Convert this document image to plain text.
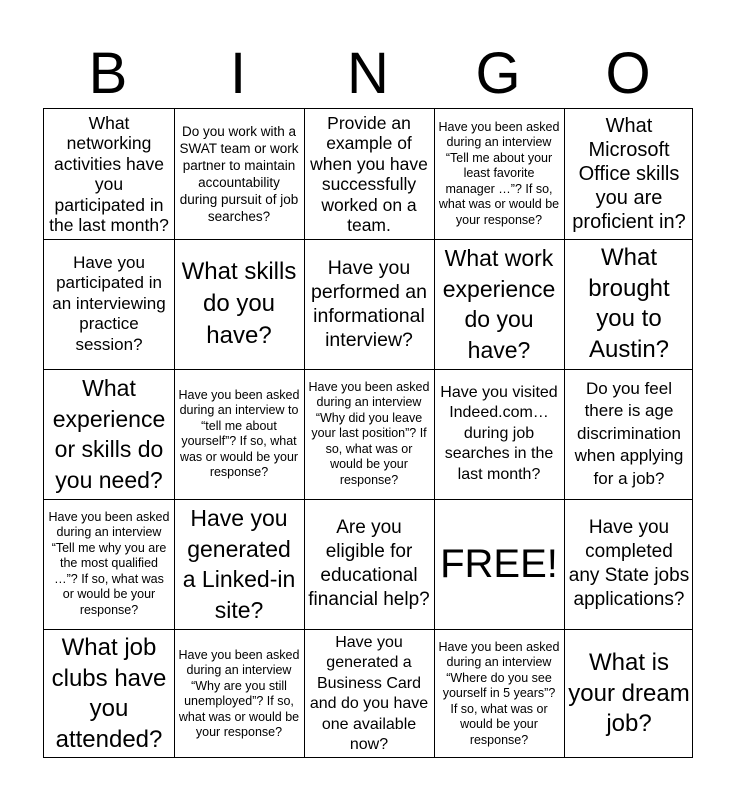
B	I	N	G	O
What networking activities have you participated in the last month?
Do you work with a SWAT team or work partner to maintain accountability during pursuit of job searches?
Provide an example of when you have successfully worked on a team.
Have you been asked during an interview “Tell me about your least favorite manager …”? If so, what was or would be your response?
What Microsoft Office skills you are proficient in?
Have you participated in an interviewing practice session?
What skills do you have?
Have you performed an informational interview?
What work experience do you have?
What brought you to Austin?
What experience or skills do you need?
Have you been asked during an interview to “tell me about yourself”? If so, what was or would be your response?
Have you been asked during an interview “Why did you leave your last position”? If so, what was or would be your response?
Have you visited Indeed.com… during job searches in the last month?
Do you feel there is age discrimination when applying for a job?
Have you been asked during an interview “Tell me why you are the most qualified …”? If so, what was or would be your response?
Have you generated a Linked-in site?
Are you eligible for educational financial help?
FREE!
Have you completed any State jobs applications?
What job clubs have you attended?
Have you been asked during an interview “Why are you still unemployed”? If so, what was or would be your response?
Have you generated a Business Card and do you have one available now?
Have you been asked during an interview “Where do you see yourself in 5 years”? If so, what was or would be your response?
What is your dream job?
